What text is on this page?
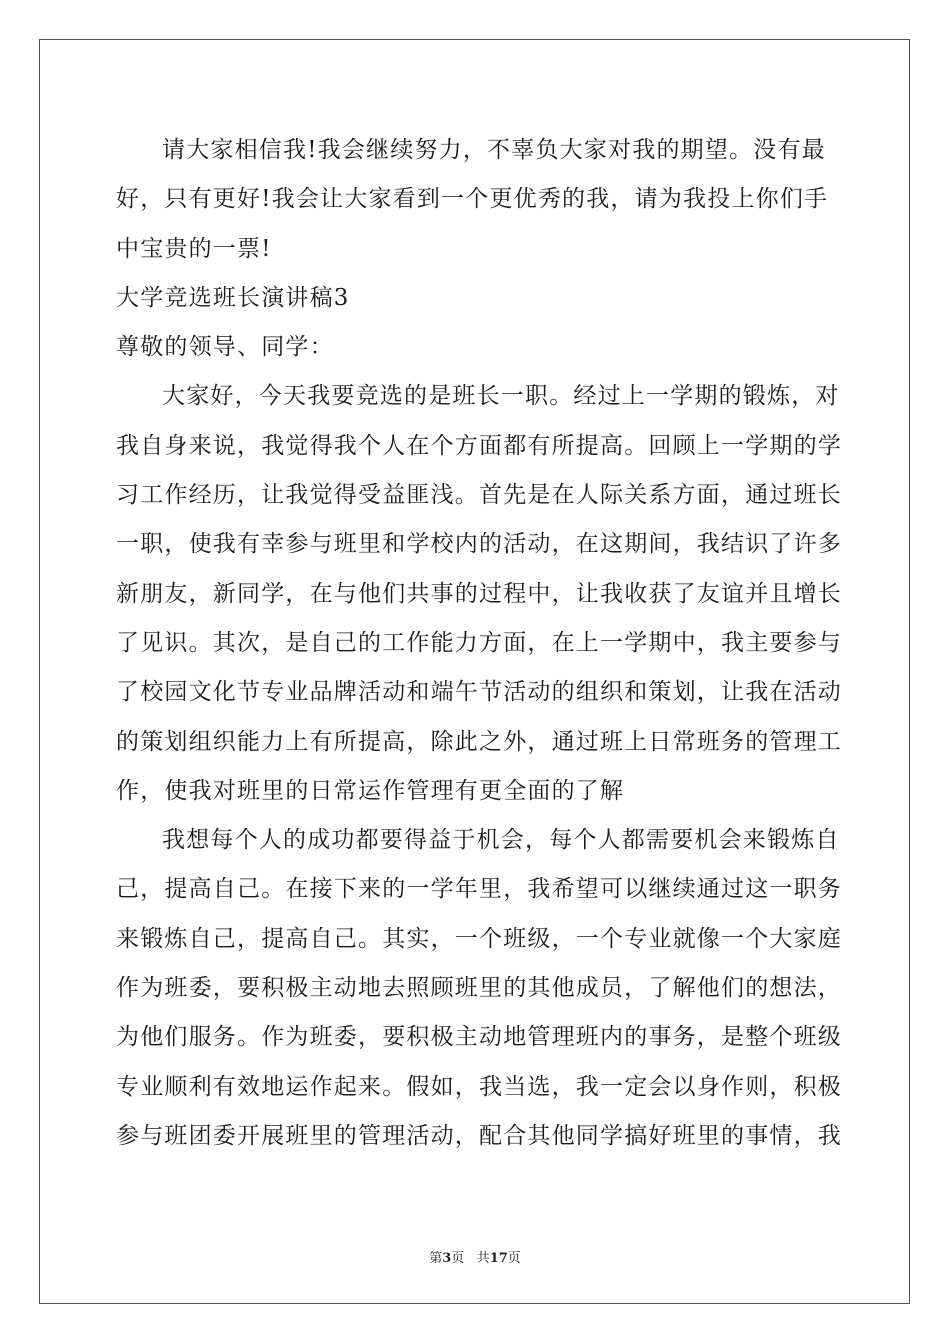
请大家相信我!我会继续努力，不辜负大家对我的期望。没有最
好，只有更好!我会让大家看到一个更优秀的我，请为我投上你们手
中宝贵的一票!
大学竞选班长演讲稿3
尊敬的领导、同学：
大家好，今天我要竞选的是班长一职。经过上一学期的锻炼，对
我自身来说，我觉得我个人在个方面都有所提高。回顾上一学期的学
习工作经历，让我觉得受益匪浅。首先是在人际关系方面，通过班长
一职，使我有幸参与班里和学校内的活动，在这期间，我结识了许多
新朋友，新同学，在与他们共事的过程中，让我收获了友谊并且增长
了见识。其次，是自己的工作能力方面，在上一学期中，我主要参与
了校园文化节专业品牌活动和端午节活动的组织和策划，让我在活动
的策划组织能力上有所提高，除此之外，通过班上日常班务的管理工
作，使我对班里的日常运作管理有更全面的了解
我想每个人的成功都要得益于机会，每个人都需要机会来锻炼自
己，提高自己。在接下来的一学年里，我希望可以继续通过这一职务
来锻炼自己，提高自己。其实，一个班级，一个专业就像一个大家庭
作为班委，要积极主动地去照顾班里的其他成员，了解他们的想法，
为他们服务。作为班委，要积极主动地管理班内的事务，是整个班级
专业顺利有效地运作起来。假如，我当选，我一定会以身作则，积极
参与班团委开展班里的管理活动，配合其他同学搞好班里的事情，我
第3页 共17页
